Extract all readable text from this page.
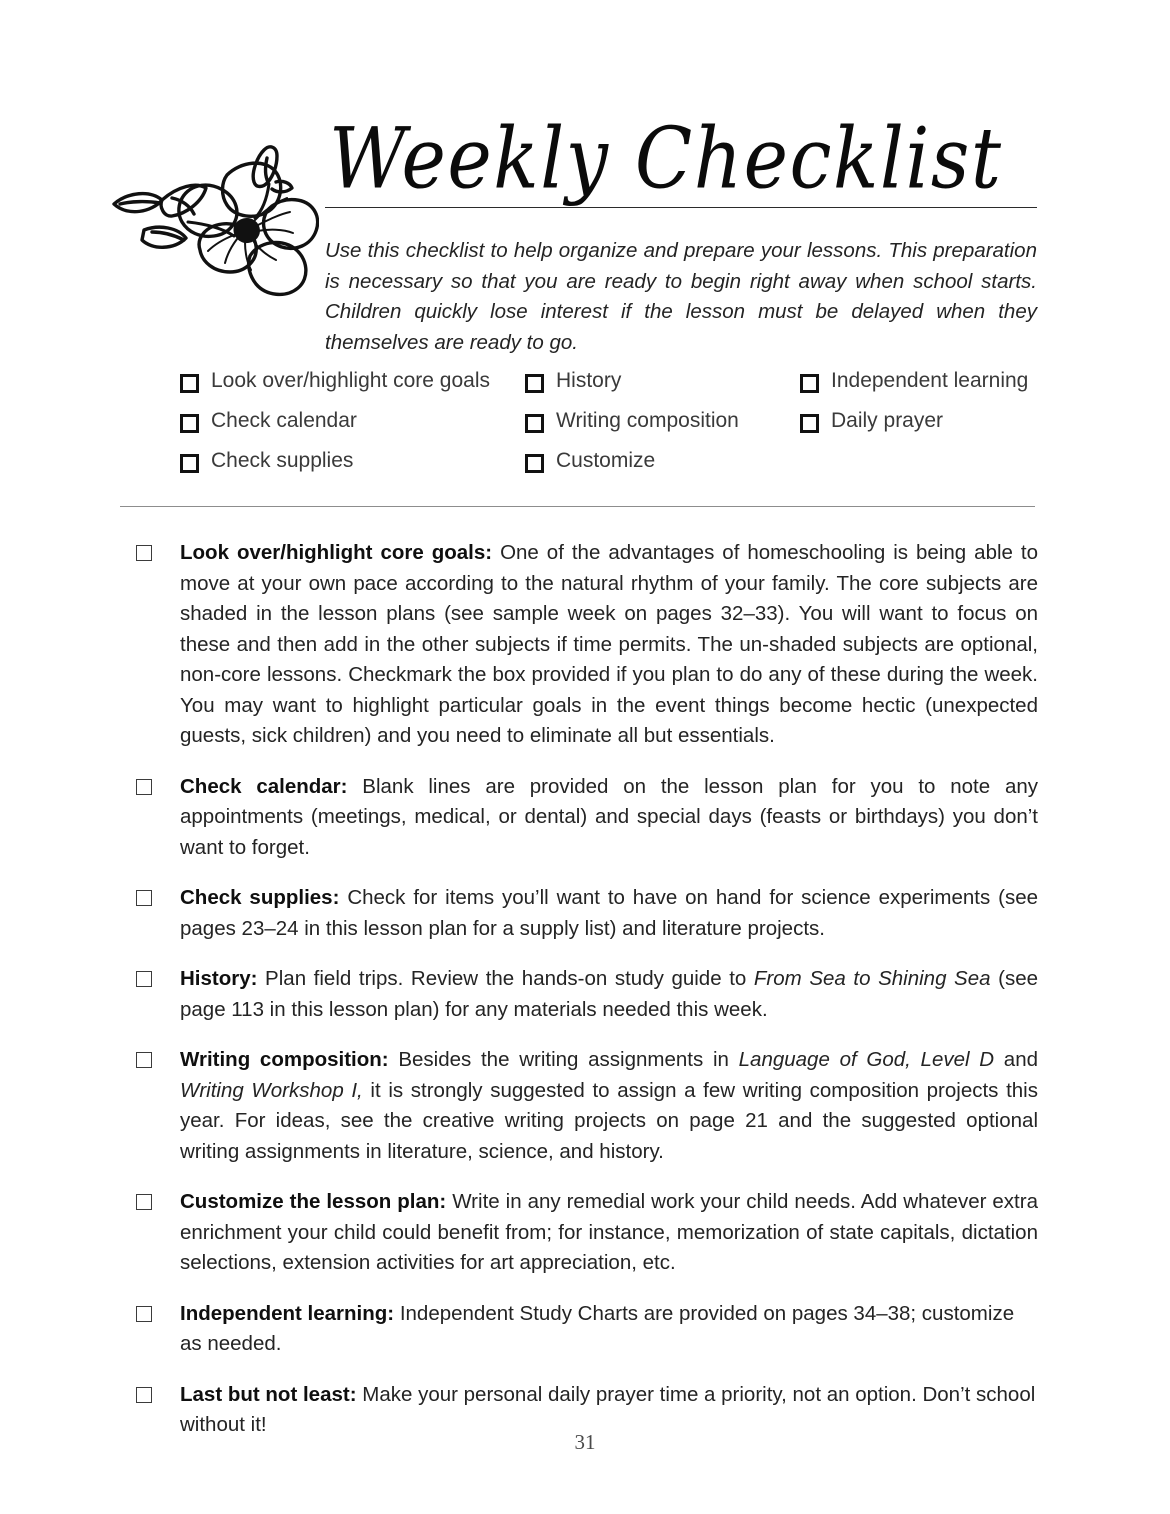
Weekly Checklist

Use this checklist to help organize and prepare your lessons. This preparation is necessary so that you are ready to begin right away when school starts. Children quickly lose interest if the lesson must be delayed when they themselves are ready to go.

Look over/highlight core goals	History	Independent learning
Check calendar	Writing composition	Daily prayer
Check supplies	Customize
Look over/highlight core goals: One of the advantages of homeschooling is being able to move at your own pace according to the natural rhythm of your family. The core subjects are shaded in the lesson plans (see sample week on pages 32–33). You will want to focus on these and then add in the other subjects if time permits. The un-shaded subjects are optional, non-core lessons. Checkmark the box provided if you plan to do any of these during the week. You may want to highlight particular goals in the event things become hectic (unexpected guests, sick children) and you need to eliminate all but essentials.
Check calendar: Blank lines are provided on the lesson plan for you to note any appointments (meetings, medical, or dental) and special days (feasts or birthdays) you don’t want to forget.
Check supplies: Check for items you’ll want to have on hand for science experiments (see pages 23–24 in this lesson plan for a supply list) and literature projects.
History: Plan field trips. Review the hands-on study guide to From Sea to Shining Sea (see page 113 in this lesson plan) for any materials needed this week.
Writing composition: Besides the writing assignments in Language of God, Level D and Writing Workshop I, it is strongly suggested to assign a few writing composition projects this year. For ideas, see the creative writing projects on page 21 and the suggested optional writing assignments in literature, science, and history.
Customize the lesson plan: Write in any remedial work your child needs. Add whatever extra enrichment your child could benefit from; for instance, memorization of state capitals, dictation selections, extension activities for art appreciation, etc.
Independent learning: Independent Study Charts are provided on pages 34–38; customize as needed.
Last but not least: Make your personal daily prayer time a priority, not an option. Don’t school without it!
31
